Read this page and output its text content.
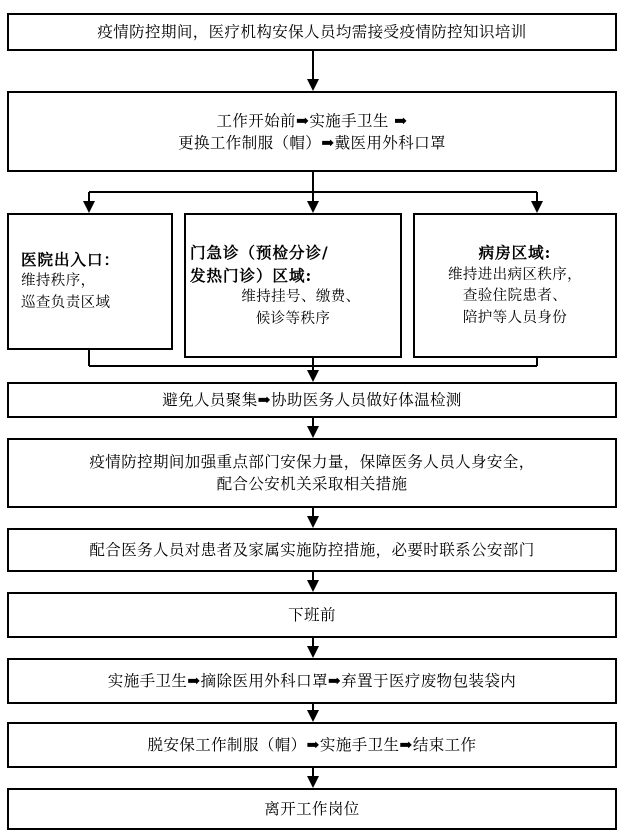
疫情防控期间，医疗机构安保人员均需接受疫情防控知识培训
工作开始前➡实施手卫生 ➡
更换工作制服（帽）➡戴医用外科口罩
医院出入口：
维持秩序，
巡查负责区域
门急诊（预检分诊/
发热门诊）区域:
维持挂号、缴费、
候诊等秩序
病房区域:
维持进出病区秩序，
查验住院患者、
陪护等人员身份
避免人员聚集➡协助医务人员做好体温检测
疫情防控期间加强重点部门安保力量，保障医务人员人身安全，
配合公安机关采取相关措施
配合医务人员对患者及家属实施防控措施，必要时联系公安部门
下班前
实施手卫生➡摘除医用外科口罩➡弃置于医疗废物包装袋内
脱安保工作制服（帽）➡实施手卫生➡结束工作
离开工作岗位
